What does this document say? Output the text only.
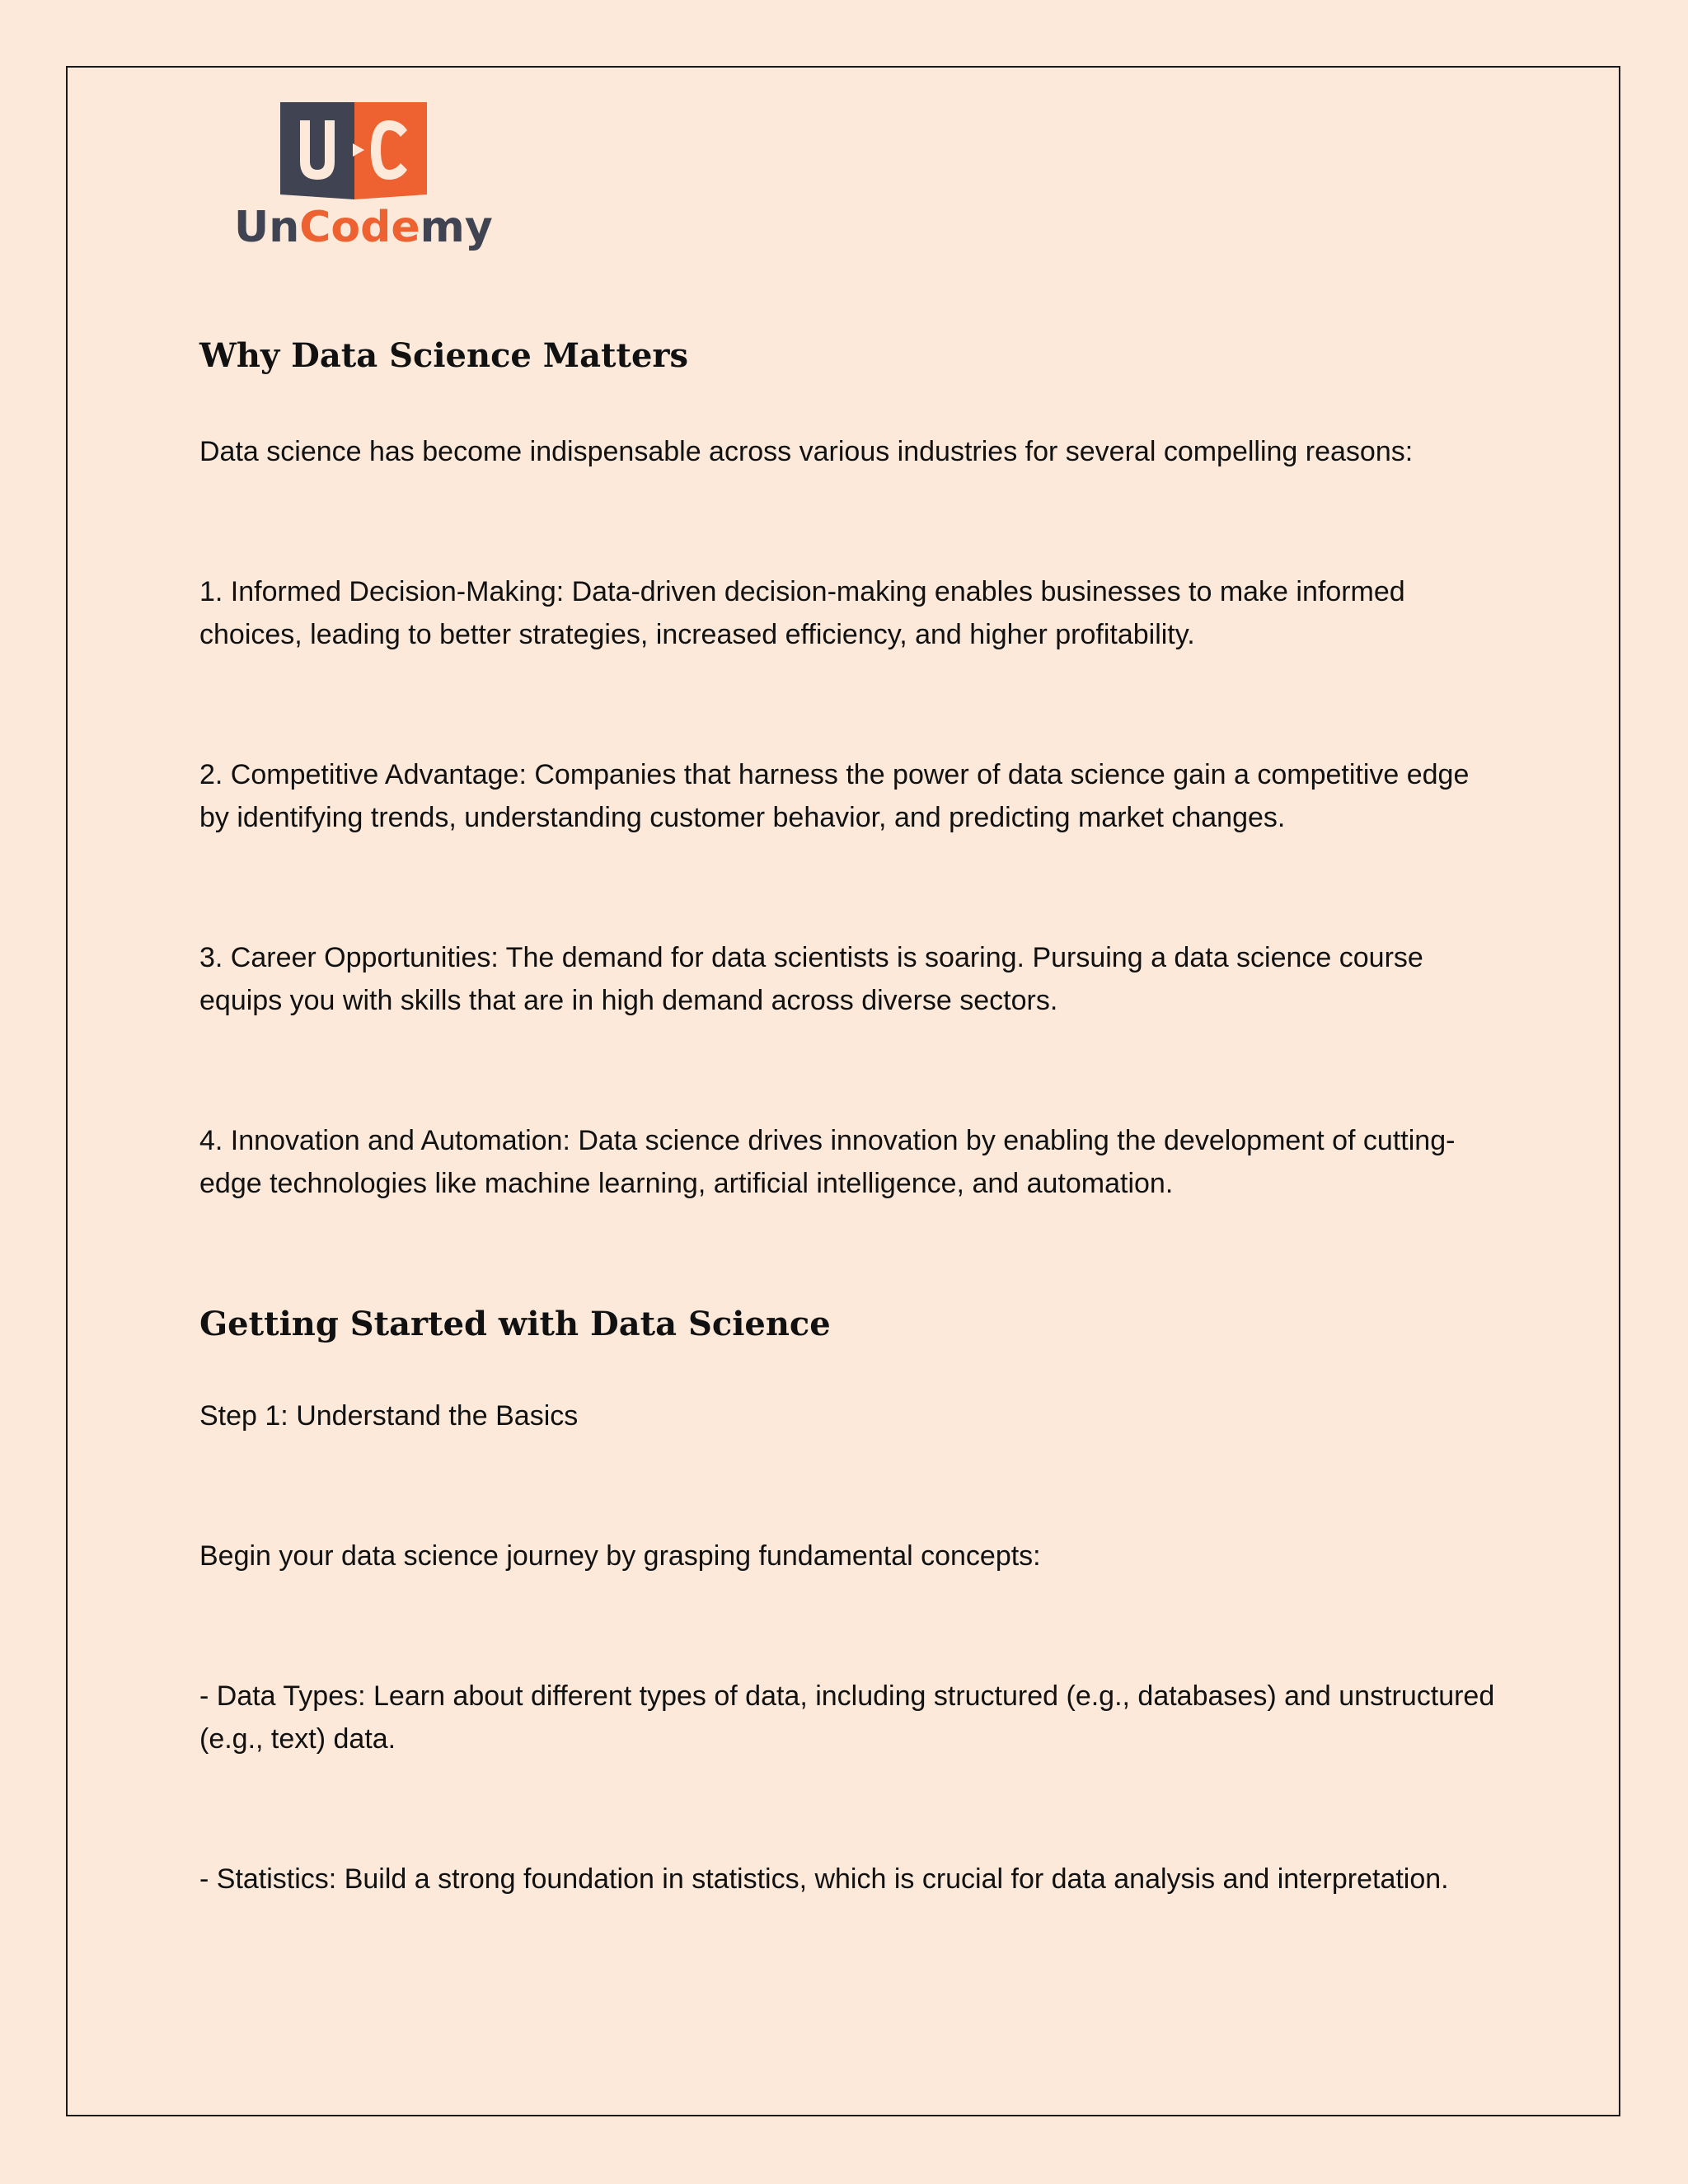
UnCodemy
Why Data Science Matters

Data science has become indispensable across various industries for several compelling reasons:

1. Informed Decision-Making: Data-driven decision-making enables businesses to make informed choices, leading to better strategies, increased efficiency, and higher profitability.

2. Competitive Advantage: Companies that harness the power of data science gain a competitive edge by identifying trends, understanding customer behavior, and predicting market changes.

3. Career Opportunities: The demand for data scientists is soaring. Pursuing a data science course equips you with skills that are in high demand across diverse sectors.

4. Innovation and Automation: Data science drives innovation by enabling the development of cutting-edge technologies like machine learning, artificial intelligence, and automation.

Getting Started with Data Science

Step 1: Understand the Basics

Begin your data science journey by grasping fundamental concepts:

- Data Types: Learn about different types of data, including structured (e.g., databases) and unstructured (e.g., text) data.

- Statistics: Build a strong foundation in statistics, which is crucial for data analysis and interpretation.
